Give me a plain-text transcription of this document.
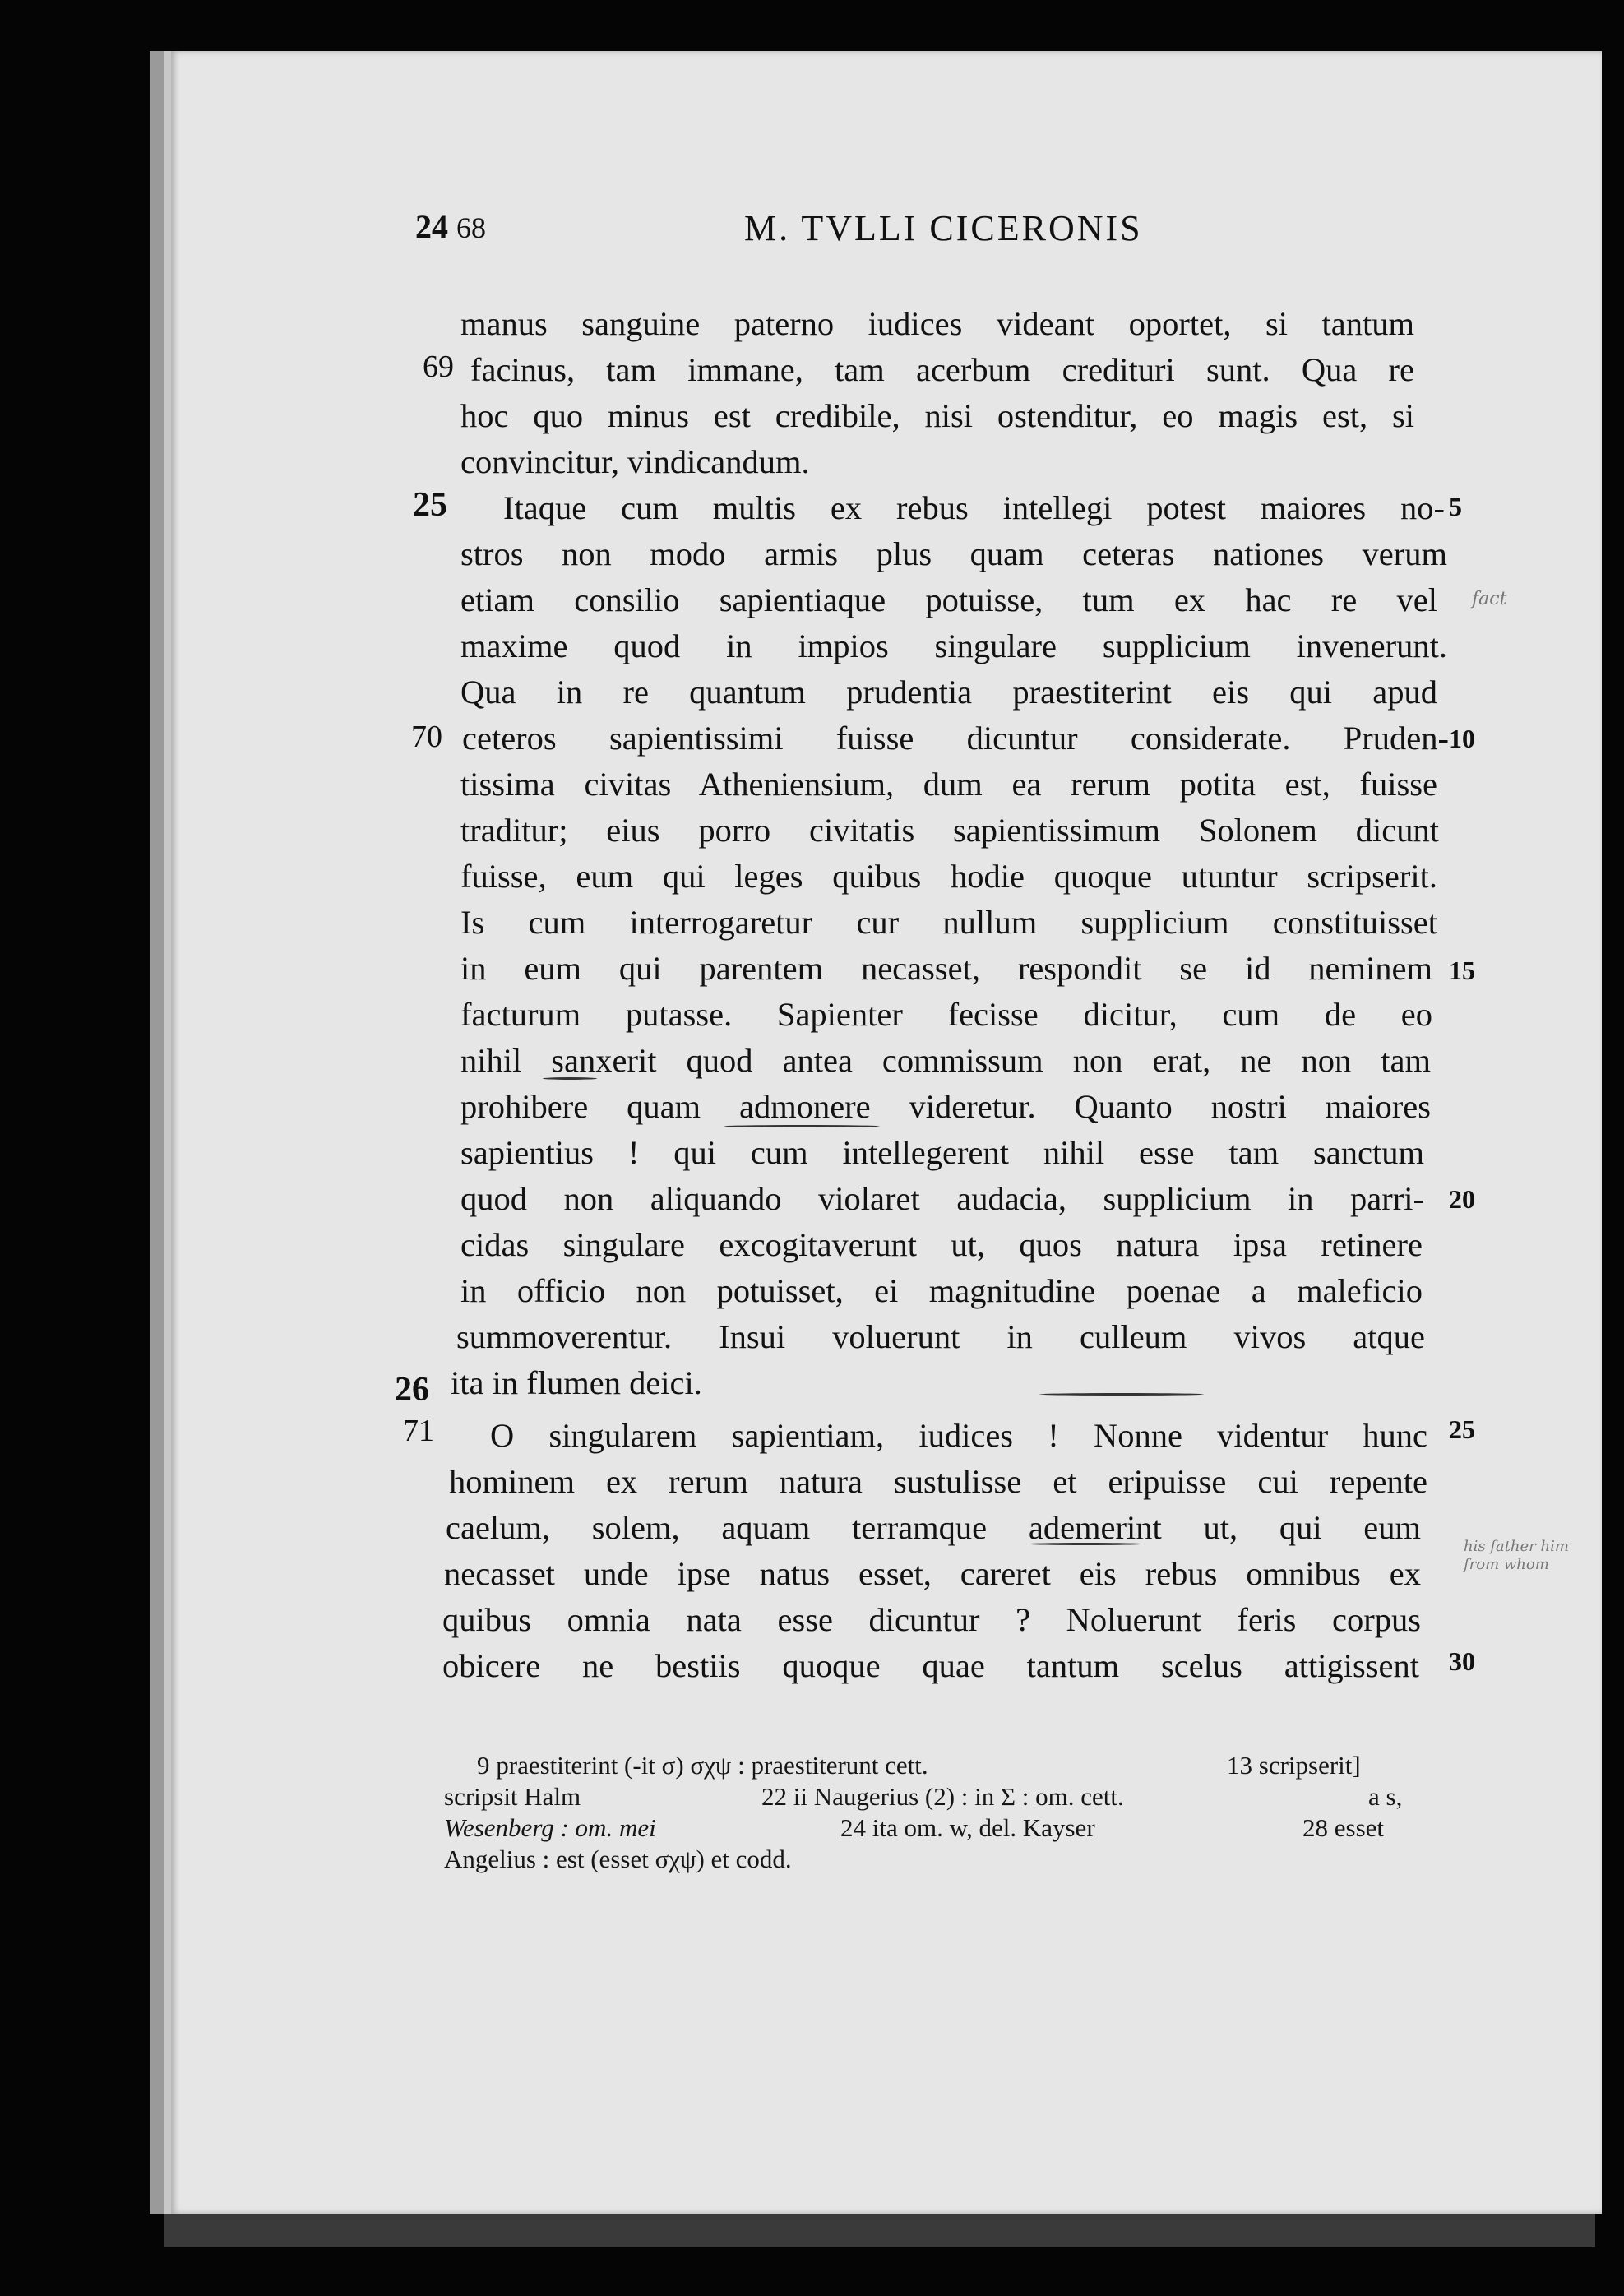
24 68	M. TVLLI CICERONIS
manus sanguine paterno iudices videant oportet, si tantum
facinus, tam immane, tam acerbum credituri sunt. Qua re
hoc quo minus est credibile, nisi ostenditur, eo magis est, si
convincitur, vindicandum.
Itaque cum multis ex rebus intellegi potest maiores no-
stros non modo armis plus quam ceteras nationes verum
etiam consilio sapientiaque potuisse, tum ex hac re vel
maxime quod in impios singulare supplicium invenerunt.
Qua in re quantum prudentia praestiterint eis qui apud
ceteros sapientissimi fuisse dicuntur considerate. Pruden-
tissima civitas Atheniensium, dum ea rerum potita est, fuisse
traditur; eius porro civitatis sapientissimum Solonem dicunt
fuisse, eum qui leges quibus hodie quoque utuntur scripserit.
Is cum interrogaretur cur nullum supplicium constituisset
in eum qui parentem necasset, respondit se id neminem
facturum putasse. Sapienter fecisse dicitur, cum de eo
nihil sanxerit quod antea commissum non erat, ne non tam
prohibere quam admonere videretur. Quanto nostri maiores
sapientius ! qui cum intellegerent nihil esse tam sanctum
quod non aliquando violaret audacia, supplicium in parri-
cidas singulare excogitaverunt ut, quos natura ipsa retinere
in officio non potuisset, ei magnitudine poenae a maleficio
summoverentur. Insui voluerunt in culleum vivos atque
ita in flumen deici.
O singularem sapientiam, iudices ! Nonne videntur hunc
hominem ex rerum natura sustulisse et eripuisse cui repente
caelum, solem, aquam terramque ademerint ut, qui eum
necasset unde ipse natus esset, careret eis rebus omnibus ex
quibus omnia nata esse dicuntur ? Noluerunt feris corpus
obicere ne bestiis quoque quae tantum scelus attigissent
69
25
70
26
71
5
10
15
20
25
30
fact
his father him from whom
9 praestiterint (-it σ) σχψ : praestiterunt cett.	13 scripserit]
scripsit Halm	22 ii Naugerius (2) : in Σ : om. cett.	a s,
Wesenberg : om. mei	24 ita om. w, del. Kayser	28 esset
Angelius : est (esset σχψ) et codd.
